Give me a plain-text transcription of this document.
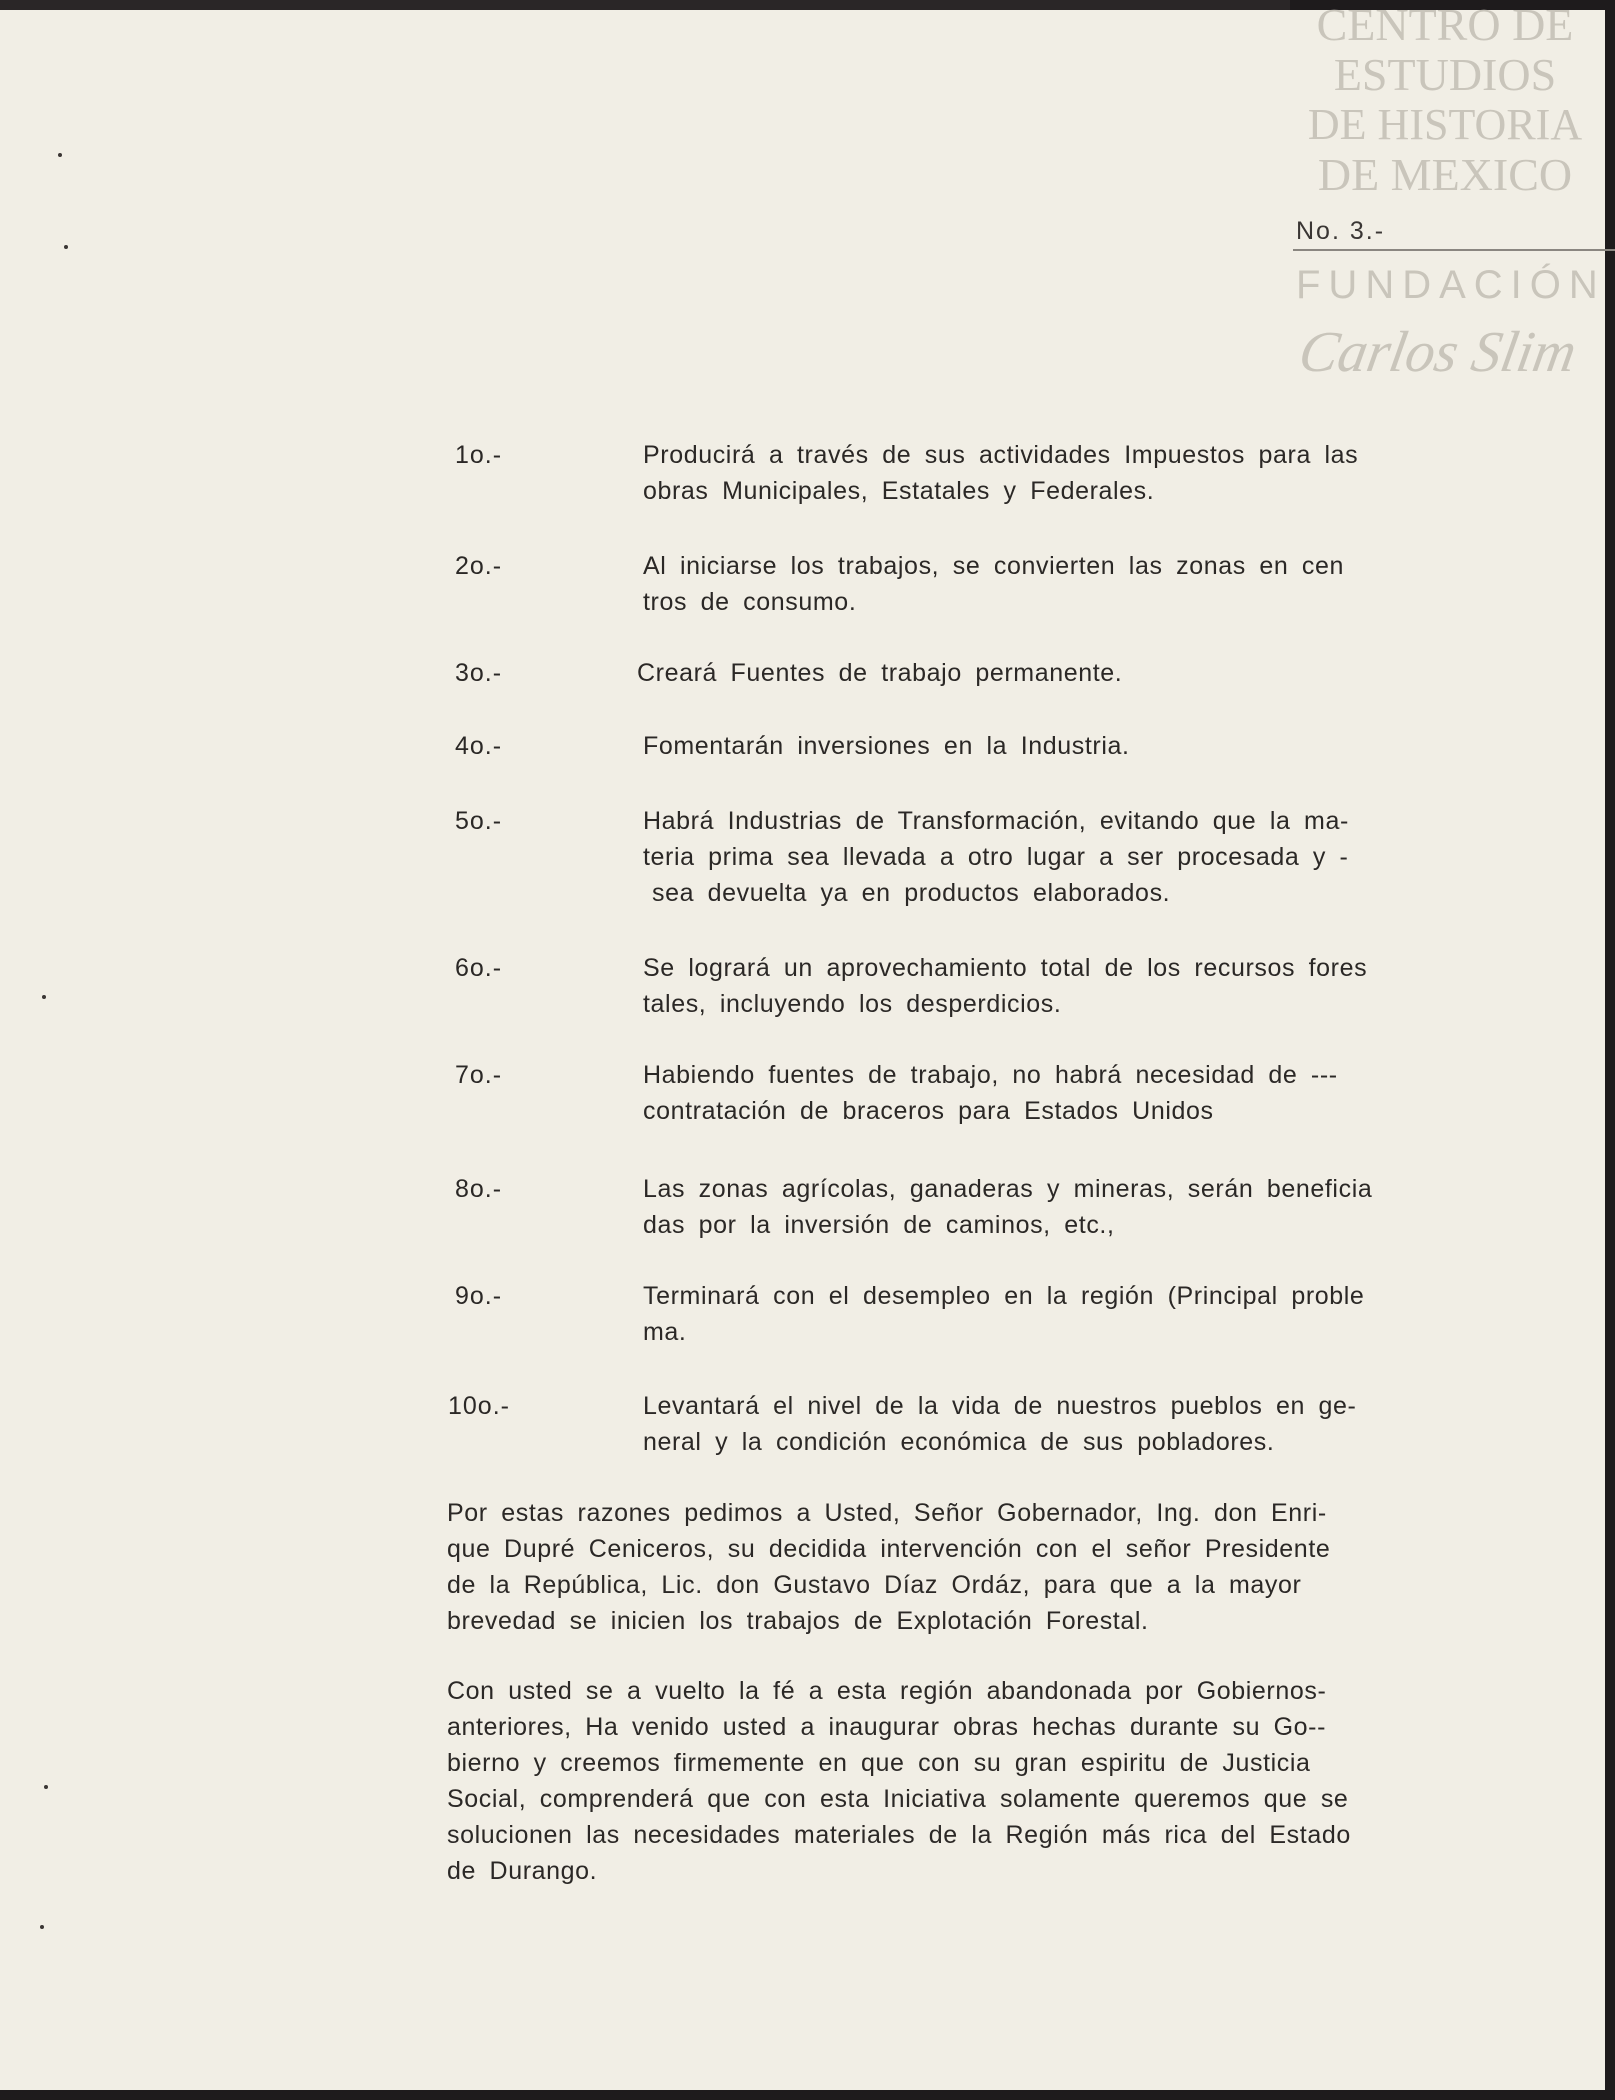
CENTRO DE
ESTUDIOS
DE HISTORIA
DE MEXICO
FUNDACIÓN
Carlos Slim
No. 3.-
1o.-	Producirá a través de sus actividades Impuestos para las
obras Municipales, Estatales y Federales.
2o.-	Al iniciarse los trabajos, se convierten las zonas en cen
tros de consumo.
3o.-	Creará Fuentes de trabajo permanente.
4o.-	Fomentarán inversiones en la Industria.
5o.-	Habrá Industrias de Transformación, evitando que la ma-
teria prima sea llevada a otro lugar a ser procesada y -
sea devuelta ya en productos elaborados.
6o.-	Se logrará un aprovechamiento total de los recursos fores
tales, incluyendo los desperdicios.
7o.-	Habiendo fuentes de trabajo, no habrá necesidad de ---
contratación de braceros para Estados Unidos
8o.-	Las zonas agrícolas, ganaderas y mineras, serán beneficia
das por la inversión de caminos, etc.,
9o.-	Terminará con el desempleo en la región (Principal proble
ma.
10o.-	Levantará el nivel de la vida de nuestros pueblos en ge-
neral y la condición económica de sus pobladores.
Por estas razones pedimos a Usted, Señor Gobernador, Ing. don Enri-
que Dupré Ceniceros, su decidida intervención con el señor Presidente
de la República, Lic. don Gustavo Díaz Ordáz, para que a la mayor
brevedad se inicien los trabajos de Explotación Forestal.
Con usted se a vuelto la fé a esta región abandonada por Gobiernos-
anteriores, Ha venido usted a inaugurar obras hechas durante su Go--
bierno y creemos firmemente en que con su gran espiritu de Justicia
Social, comprenderá que con esta Iniciativa solamente queremos que se
solucionen las necesidades materiales de la Región más rica del Estado
de Durango.
